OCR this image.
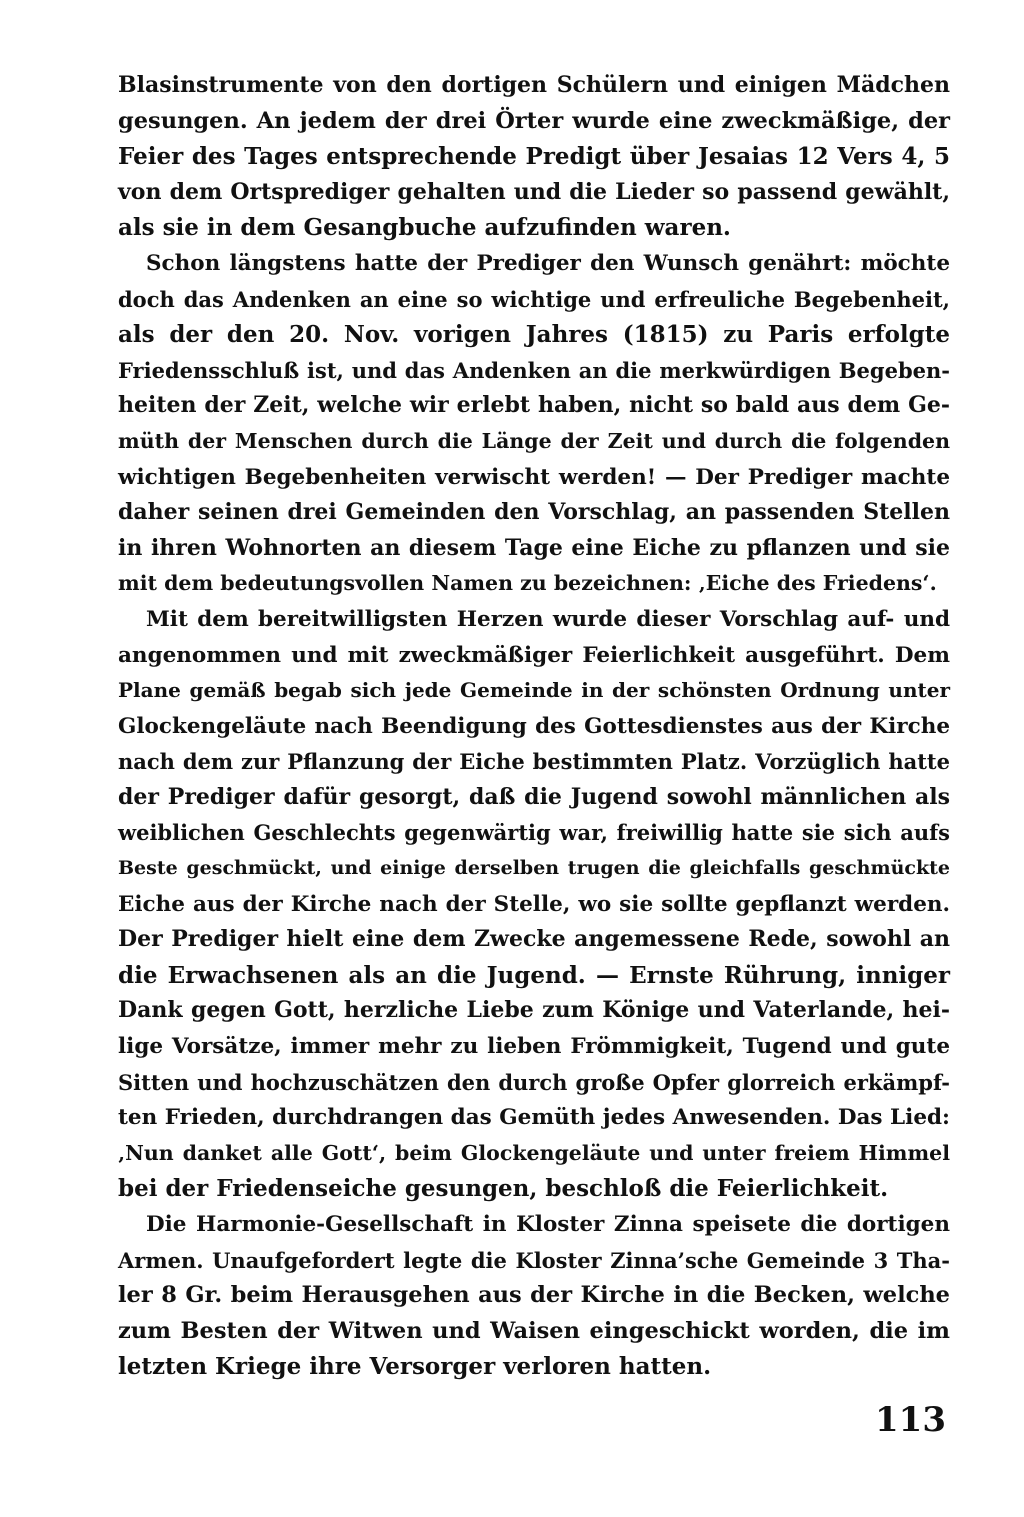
Blasinstrumente von den dortigen Schülern und einigen Mädchen
gesungen. An jedem der drei Örter wurde eine zweckmäßige, der
Feier des Tages entsprechende Predigt über Jesaias 12 Vers 4, 5
von dem Ortsprediger gehalten und die Lieder so passend gewählt,
als sie in dem Gesangbuche aufzufinden waren.
Schon längstens hatte der Prediger den Wunsch genährt: möchte
doch das Andenken an eine so wichtige und erfreuliche Begebenheit,
als der den 20. Nov. vorigen Jahres (1815) zu Paris erfolgte
Friedensschluß ist, und das Andenken an die merkwürdigen Begeben-
heiten der Zeit, welche wir erlebt haben, nicht so bald aus dem Ge-
müth der Menschen durch die Länge der Zeit und durch die folgenden
wichtigen Begebenheiten verwischt werden! — Der Prediger machte
daher seinen drei Gemeinden den Vorschlag, an passenden Stellen
in ihren Wohnorten an diesem Tage eine Eiche zu pflanzen und sie
mit dem bedeutungsvollen Namen zu bezeichnen: ‚Eiche des Friedens‘.
Mit dem bereitwilligsten Herzen wurde dieser Vorschlag auf- und
angenommen und mit zweckmäßiger Feierlichkeit ausgeführt. Dem
Plane gemäß begab sich jede Gemeinde in der schönsten Ordnung unter
Glockengeläute nach Beendigung des Gottesdienstes aus der Kirche
nach dem zur Pflanzung der Eiche bestimmten Platz. Vorzüglich hatte
der Prediger dafür gesorgt, daß die Jugend sowohl männlichen als
weiblichen Geschlechts gegenwärtig war, freiwillig hatte sie sich aufs
Beste geschmückt, und einige derselben trugen die gleichfalls geschmückte
Eiche aus der Kirche nach der Stelle, wo sie sollte gepflanzt werden.
Der Prediger hielt eine dem Zwecke angemessene Rede, sowohl an
die Erwachsenen als an die Jugend. — Ernste Rührung, inniger
Dank gegen Gott, herzliche Liebe zum Könige und Vaterlande, hei-
lige Vorsätze, immer mehr zu lieben Frömmigkeit, Tugend und gute
Sitten und hochzuschätzen den durch große Opfer glorreich erkämpf-
ten Frieden, durchdrangen das Gemüth jedes Anwesenden. Das Lied:
‚Nun danket alle Gott‘, beim Glockengeläute und unter freiem Himmel
bei der Friedenseiche gesungen, beschloß die Feierlichkeit.
Die Harmonie-Gesellschaft in Kloster Zinna speisete die dortigen
Armen. Unaufgefordert legte die Kloster Zinna’sche Gemeinde 3 Tha-
ler 8 Gr. beim Herausgehen aus der Kirche in die Becken, welche
zum Besten der Witwen und Waisen eingeschickt worden, die im
letzten Kriege ihre Versorger verloren hatten.
113
